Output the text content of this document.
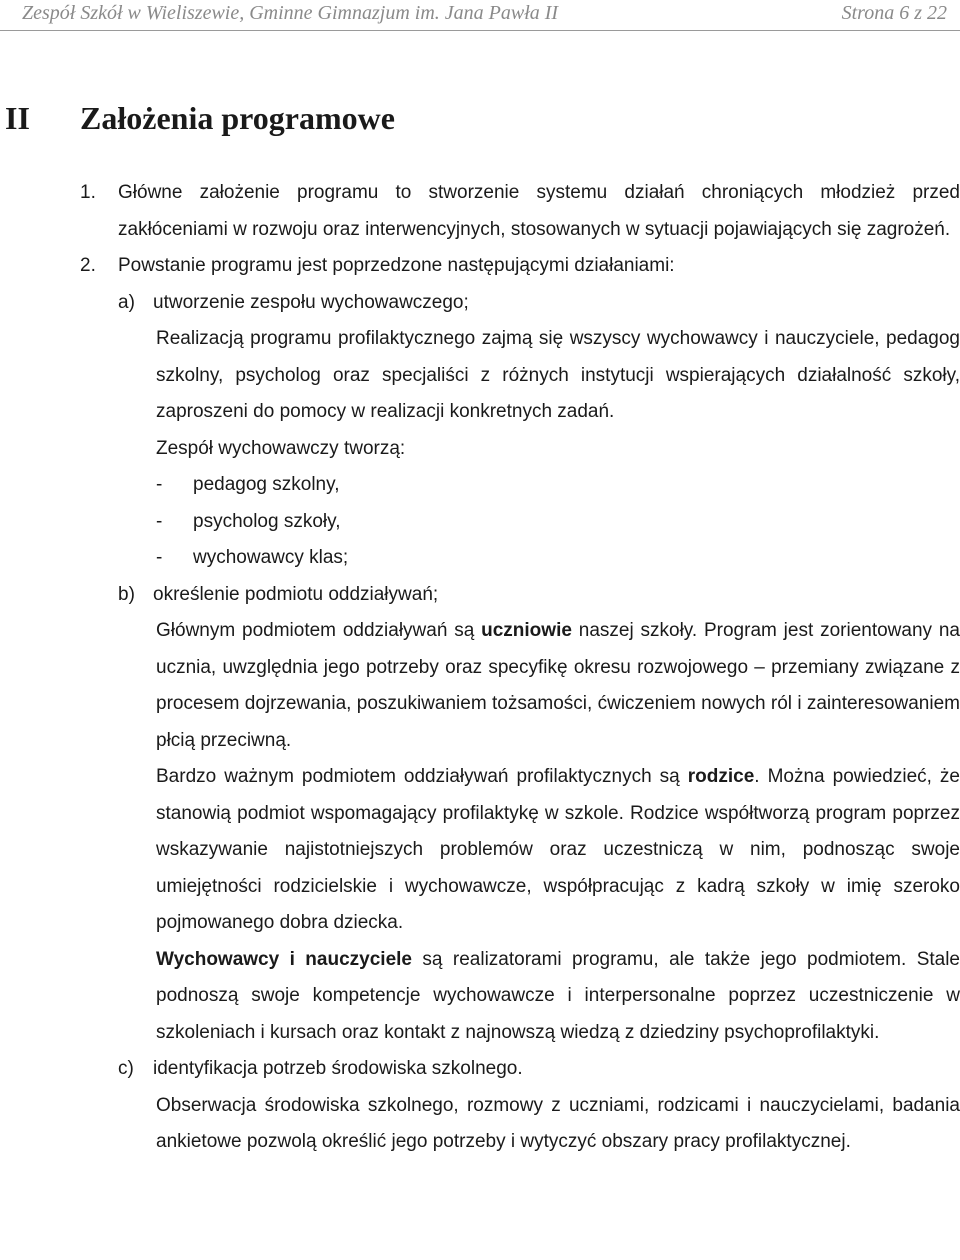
Zespół Szkół w Wieliszewie, Gminne Gimnazjum im. Jana Pawła II	Strona 6 z 22
II Założenia programowe
1. Główne założenie programu to stworzenie systemu działań chroniących młodzież przed zakłóceniami w rozwoju oraz interwencyjnych, stosowanych w sytuacji pojawiających się zagrożeń.

2. Powstanie programu jest poprzedzone następującymi działaniami:

a) utworzenie zespołu wychowawczego;

Realizacją programu profilaktycznego zajmą się wszyscy wychowawcy i nauczyciele, pedagog szkolny, psycholog oraz specjaliści z różnych instytucji wspierających działalność szkoły, zaproszeni do pomocy w realizacji konkretnych zadań.

Zespół wychowawczy tworzą:

- pedagog szkolny,

- psycholog szkoły,

- wychowawcy klas;

b) określenie podmiotu oddziaływań;

Głównym podmiotem oddziaływań są uczniowie naszej szkoły. Program jest zorientowany na ucznia, uwzględnia jego potrzeby oraz specyfikę okresu rozwojowego – przemiany związane z procesem dojrzewania, poszukiwaniem tożsamości, ćwiczeniem nowych ról i zainteresowaniem płcią przeciwną.

Bardzo ważnym podmiotem oddziaływań profilaktycznych są rodzice. Można powiedzieć, że stanowią podmiot wspomagający profilaktykę w szkole. Rodzice współtworzą program poprzez wskazywanie najistotniejszych problemów oraz uczestniczą w nim, podnosząc swoje umiejętności rodzicielskie i wychowawcze, współpracując z kadrą szkoły w imię szeroko pojmowanego dobra dziecka.

Wychowawcy i nauczyciele są realizatorami programu, ale także jego podmiotem. Stale podnoszą swoje kompetencje wychowawcze i interpersonalne poprzez uczestniczenie w szkoleniach i kursach oraz kontakt z najnowszą wiedzą z dziedziny psychoprofilaktyki.

c) identyfikacja potrzeb środowiska szkolnego.

Obserwacja środowiska szkolnego, rozmowy z uczniami, rodzicami i nauczycielami, badania ankietowe pozwolą określić jego potrzeby i wytyczyć obszary pracy profilaktycznej.
